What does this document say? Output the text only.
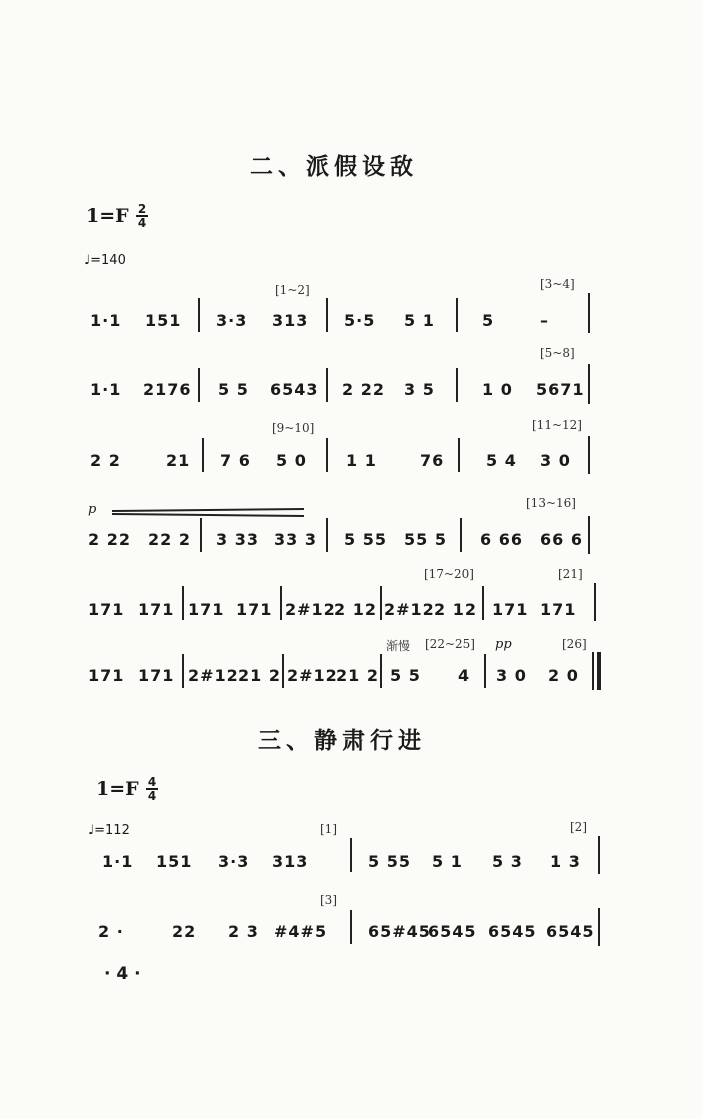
二、派假设敌
$1=F \frac{2}{4}$
♩=140
[1~2]	[3~4]
1·1 151 3·3 313 5·5 5 1	5	–
[5~8]
1·1 2176 5 5 6543 2 22 3 5	1 0 5671
[9~10]	[11~12]
2 2	21 7 6 5 0 1 1	76	5 4 3 0
p	[13~16]
2 22 22 2 3 33 33 3 5 55 55 5 6 66 66 6
[17~20]	[21]
171 171 171 171 2#12
2 12 2#12 2 12 171 171
渐慢 [22~25] pp	[26]
171 171 2#12 21 2 2#12
21 2 5 5 4 3 0 2 0
三、静肃行进
$1=F \frac{4}{4}$
♩=112	[1]	[2]
1·1 151 3·3 313	5 55 5 1 5 3 1 3
[3]
2 ·	22 2 3 #4#5	65#45
6545 6545 6545
· 4 ·
